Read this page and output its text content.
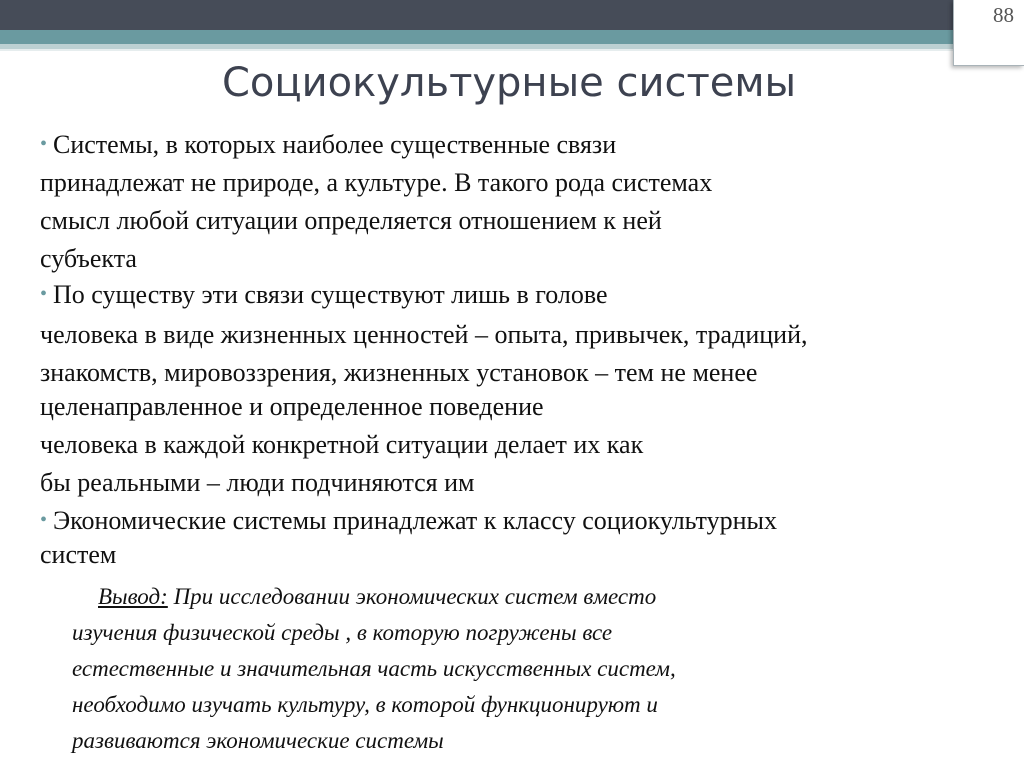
88
Социокультурные системы
• Системы, в которых наиболее существенные связи
принадлежат не природе, а культуре. В такого рода системах
смысл любой ситуации определяется отношением к ней
субъекта
• По существу эти связи существуют лишь в голове
человека в виде жизненных ценностей – опыта, привычек, традиций,
знакомств, мировоззрения, жизненных установок – тем не менее
целенаправленное и определенное поведение
человека в каждой конкретной ситуации делает их как
бы реальными – люди подчиняются им
• Экономические системы принадлежат к классу социокультурных
систем
Вывод: При исследовании экономических систем вместо
изучения физической среды , в которую погружены все
естественные и значительная часть искусственных систем,
необходимо изучать культуру, в которой функционируют и
развиваются экономические системы
